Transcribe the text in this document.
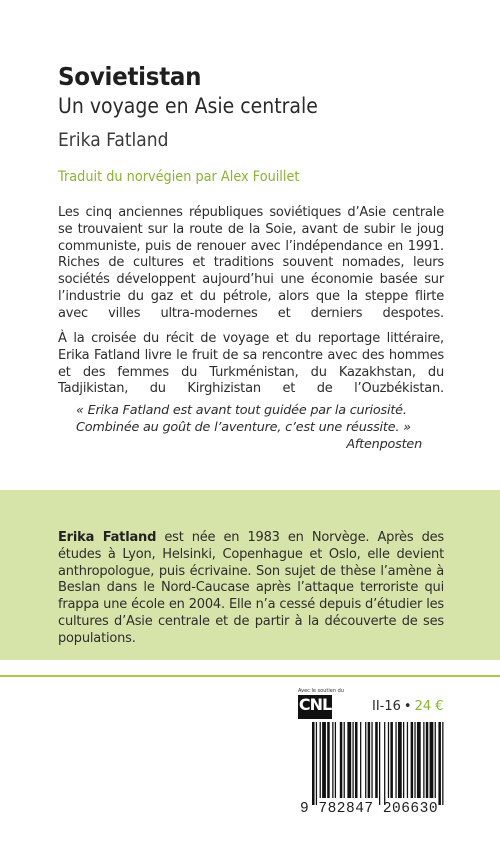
Sovietistan
Un voyage en Asie centrale
Erika Fatland
Traduit du norvégien par Alex Fouillet

Les cinq anciennes républiques soviétiques d’Asie centrale se trouvaient sur la route de la Soie, avant de subir le joug communiste, puis de renouer avec l’indépendance en 1991. Riches de cultures et traditions souvent nomades, leurs sociétés développent aujourd’hui une économie basée sur l’industrie du gaz et du pétrole, alors que la steppe flirte avec villes ultra-modernes et derniers despotes.

À la croisée du récit de voyage et du reportage littéraire, Erika Fatland livre le fruit de sa rencontre avec des hommes et des femmes du Turkménistan, du Kazakhstan, du Tadjikistan, du Kirghizistan et de l’Ouzbékistan.

« Erika Fatland est avant tout guidée par la curiosité. Combinée au goût de l’aventure, c’est une réussite. »
Aftenposten

Erika Fatland est née en 1983 en Norvège. Après des études à Lyon, Helsinki, Copenhague et Oslo, elle devient anthropologue, puis écrivaine. Son sujet de thèse l’amène à Beslan dans le Nord-Caucase après l’attaque terroriste qui frappa une école en 2004. Elle n’a cessé depuis d’étudier les cultures d’Asie centrale et de partir à la découverte de ses populations.

Avec le soutien du
CNL	II-16 • 24 €
9 782847 206630
